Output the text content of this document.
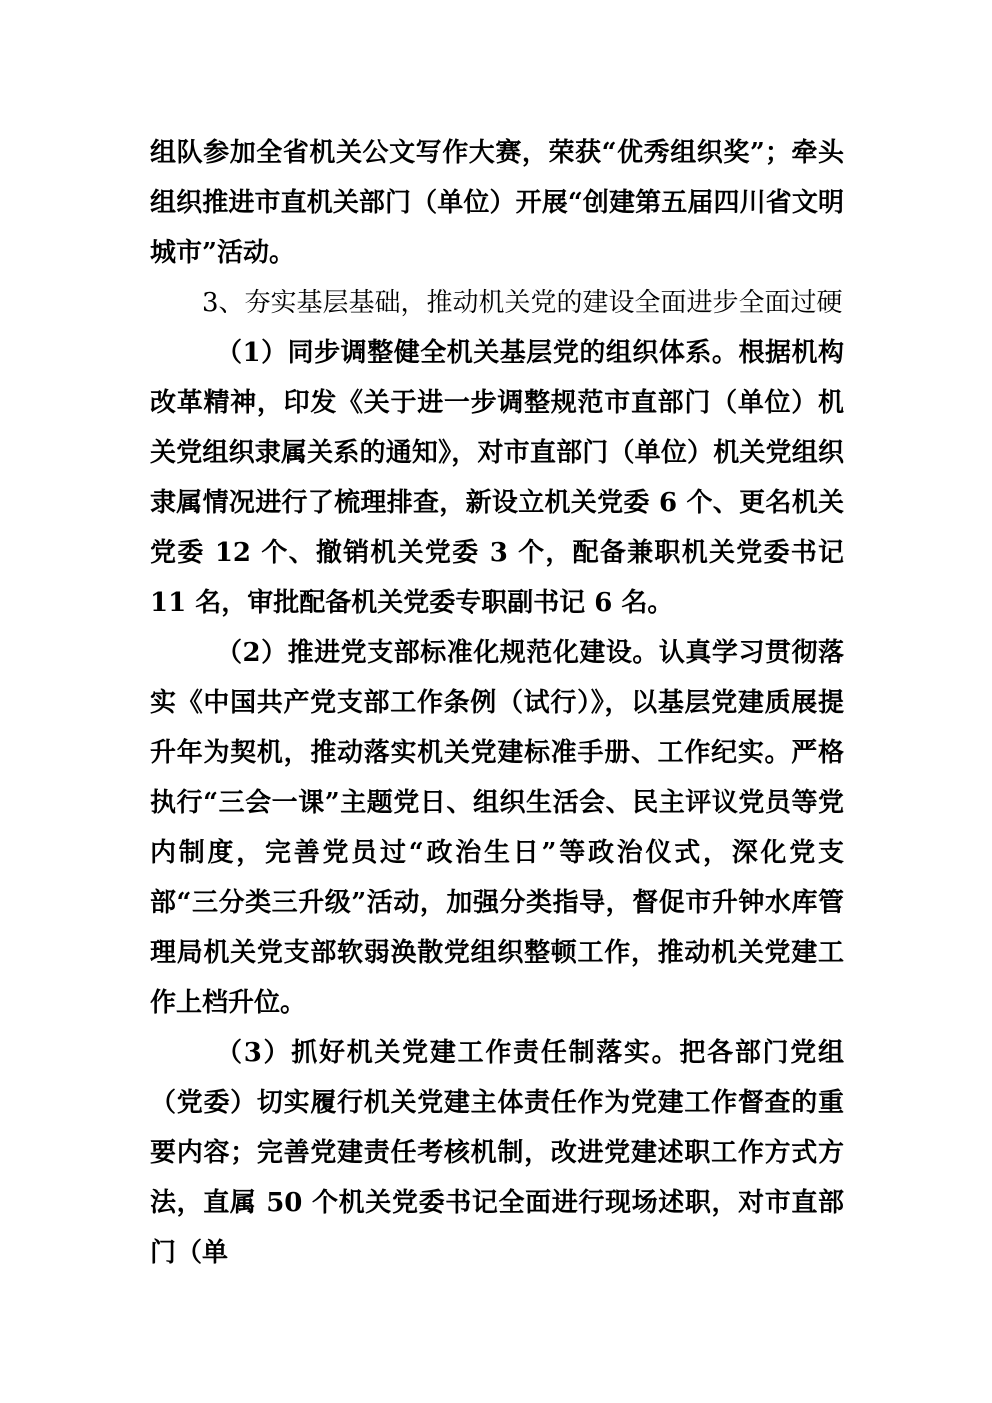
组队参加全省机关公文写作大赛，荣获“优秀组织奖”；牵头组织推进市直机关部门（单位）开展“创建第五届四川省文明城市”活动。

3、夯实基层基础，推动机关党的建设全面进步全面过硬

（1）同步调整健全机关基层党的组织体系。根据机构改革精神，印发《关于进一步调整规范市直部门（单位）机关党组织隶属关系的通知》，对市直部门（单位）机关党组织隶属情况进行了梳理排查，新设立机关党委 6 个、更名机关党委 12 个、撤销机关党委 3 个，配备兼职机关党委书记 11 名，审批配备机关党委专职副书记 6 名。

（2）推进党支部标准化规范化建设。认真学习贯彻落实《中国共产党支部工作条例（试行）》，以基层党建质展提升年为契机，推动落实机关党建标准手册、工作纪实。严格执行“三会一课”主题党日、组织生活会、民主评议党员等党内制度，完善党员过“政治生日”等政治仪式，深化党支部“三分类三升级”活动，加强分类指导，督促市升钟水库管理局机关党支部软弱涣散党组织整顿工作，推动机关党建工作上档升位。

（3）抓好机关党建工作责任制落实。把各部门党组（党委）切实履行机关党建主体责任作为党建工作督查的重要内容；完善党建责任考核机制，改进党建述职工作方式方法，直属 50 个机关党委书记全面进行现场述职，对市直部门（单
